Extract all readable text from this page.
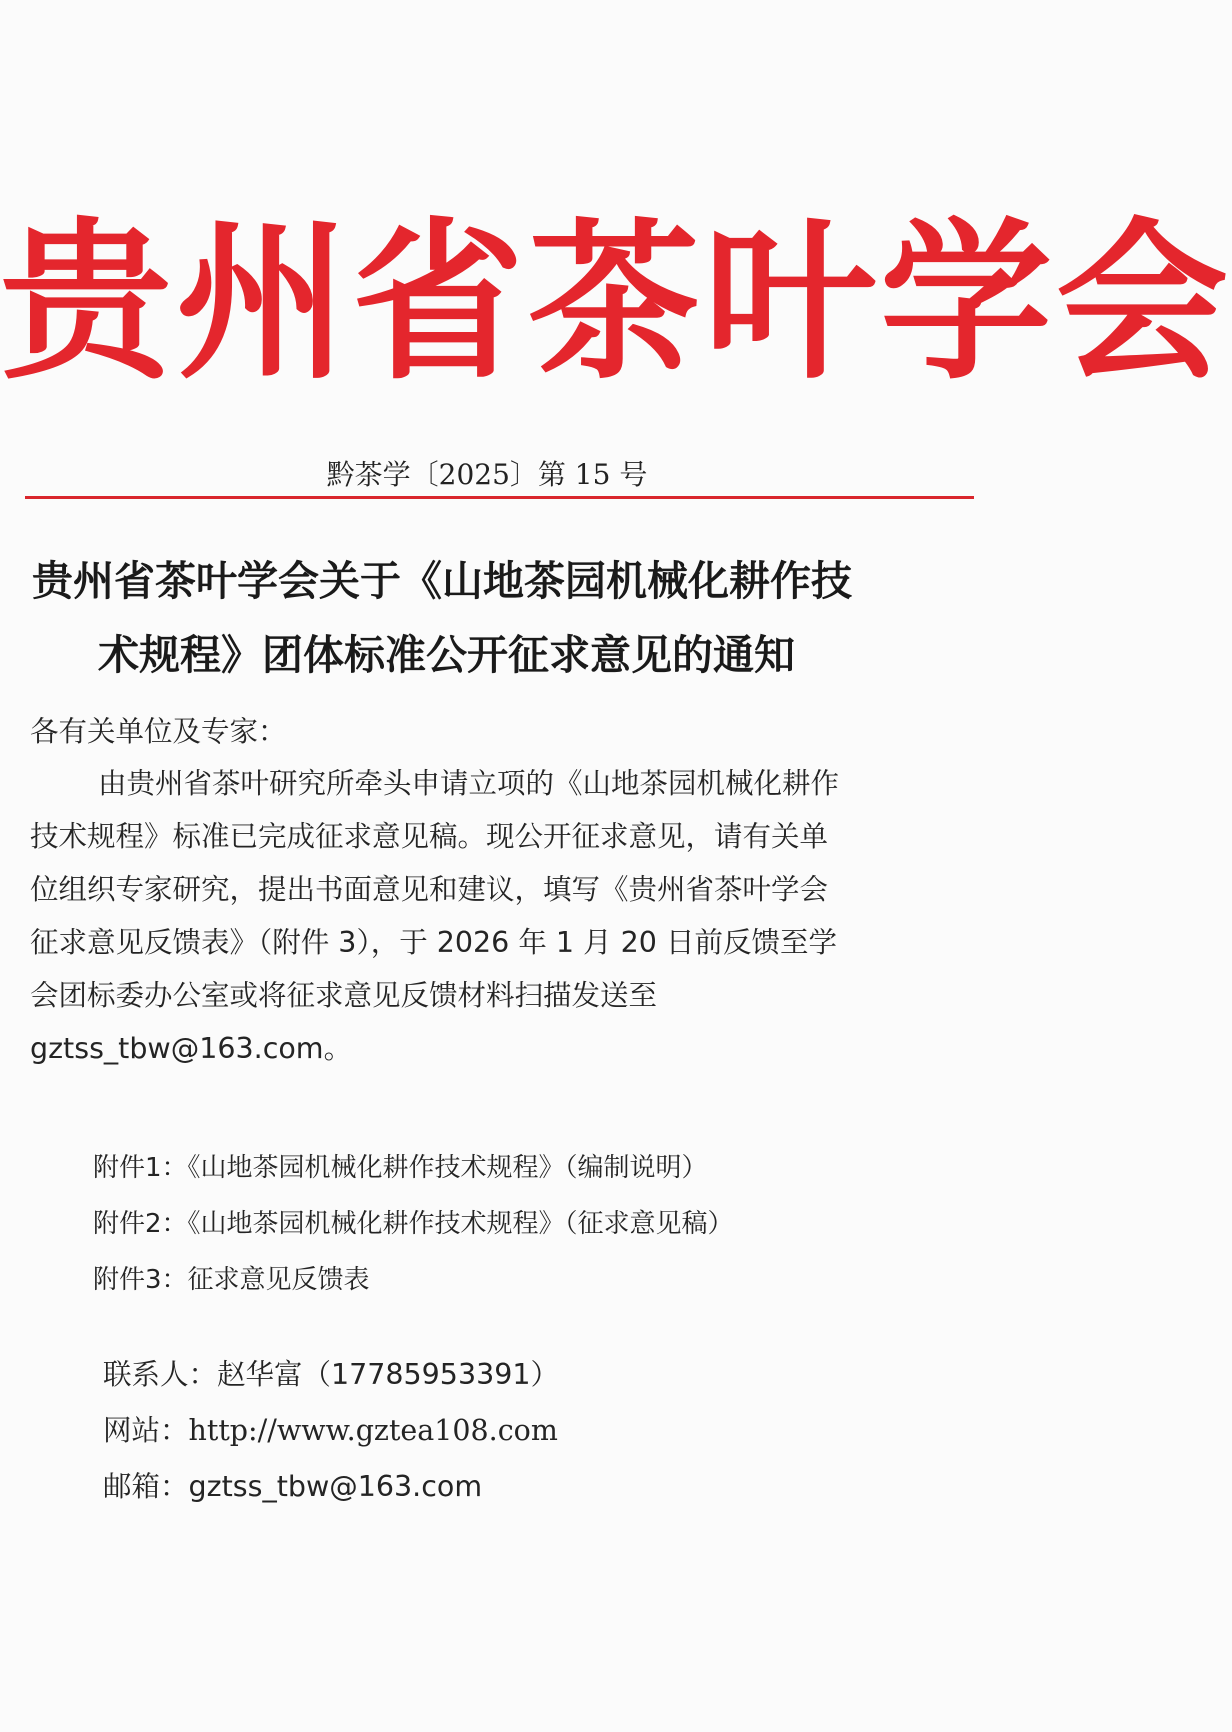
贵州省茶叶学会
黔茶学〔2025〕第 15 号
贵州省茶叶学会关于《山地茶园机械化耕作技
术规程》团体标准公开征求意见的通知
各有关单位及专家：
由贵州省茶叶研究所牵头申请立项的《山地茶园机械化耕作
技术规程》标准已完成征求意见稿。现公开征求意见，请有关单
位组织专家研究，提出书面意见和建议，填写《贵州省茶叶学会
征求意见反馈表》（附件 3），于 2026 年 1 月 20 日前反馈至学
会团标委办公室或将征求意见反馈材料扫描发送至
gztss_tbw@163.com。
附件1：《山地茶园机械化耕作技术规程》（编制说明）
附件2：《山地茶园机械化耕作技术规程》（征求意见稿）
附件3：征求意见反馈表
联系人：赵华富（17785953391）
网站：http://www.gztea108.com
邮箱：gztss_tbw@163.com
